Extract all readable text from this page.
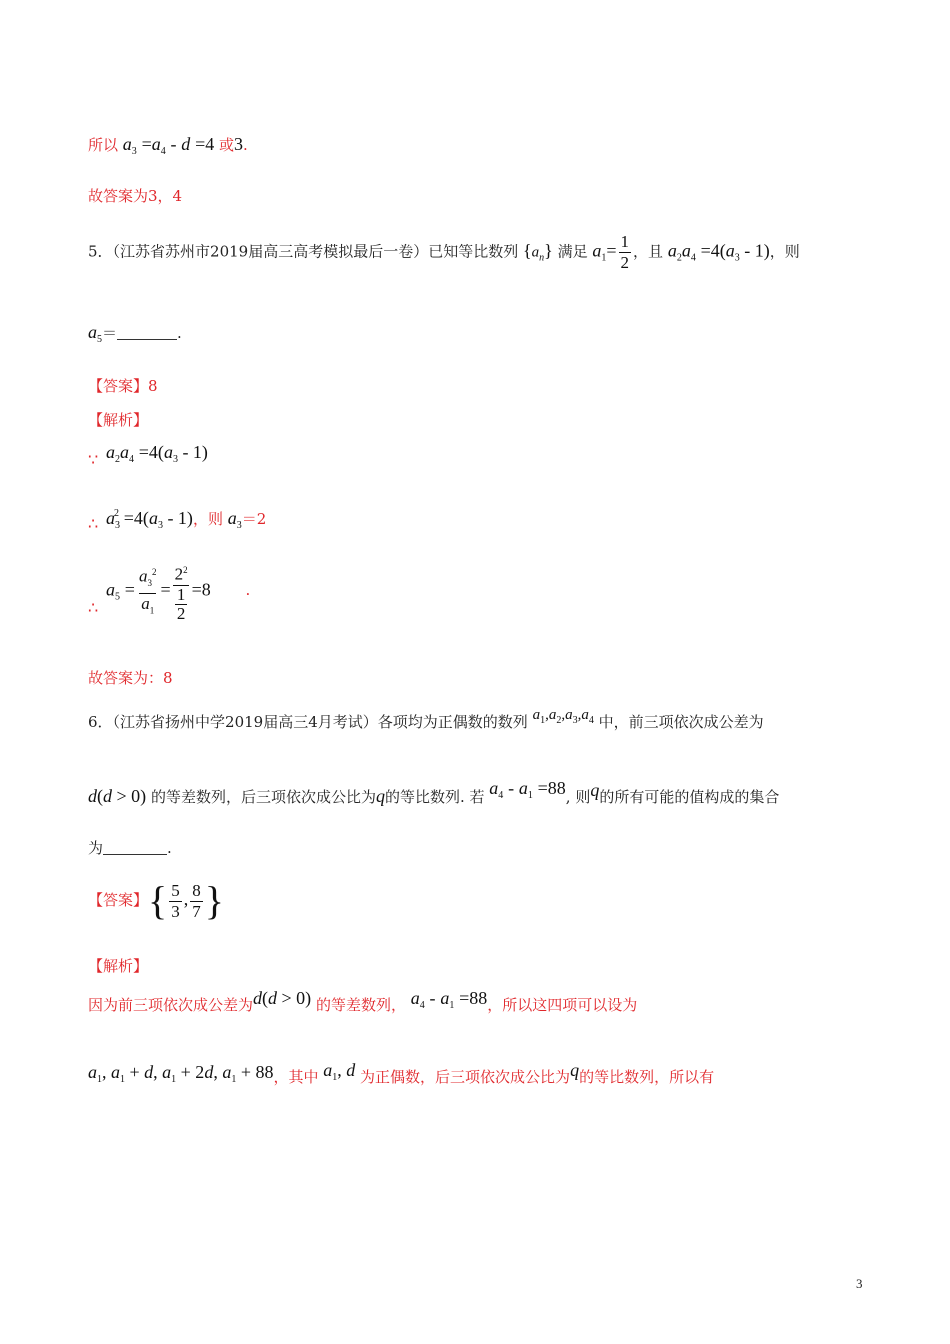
所以 $a_3 =a_4 - d =4$ 或3.
故答案为3，4
5．（江苏省苏州市2019届高三高考模拟最后一卷）已知等比数列 $\{a_n\}$ 满足 $a_1= \frac{1}{2}$ ，且 $a_2a_4 =4(a_3 - 1)$，则
$a_5=$	.
【答案】8
【解析】
∵ $a_2a_4 =4(a_3 - 1)$
∴ $a_3^2 =4(a_3 - 1)$，则 $a_3=2$
∴
$a_5 = \frac{a_3^2}{a_1} = \frac{2^2}{\frac{1}{2}} =8$ .
故答案为：8
6．（江苏省扬州中学2019届高三4月考试）各项均为正偶数的数列 $a_1,a_2,a_3,a_4$ 中，前三项依次成公差为
d(d > 0) 的等差数列，后三项依次成公比为q的等比数列. 若 $a_4 - a_1 =88$, 则q的所有可能的值构成的集合
为	.
【答案】{ $\frac{5}{3}$ , $\frac{8}{7}$ }
【解析】
因为前三项依次成公差为d(d > 0) 的等差数列， $a_4 - a_1 =88$，所以这四项可以设为
$a_1$, $a_1 + d$, $a_1 + 2d$, $a_1 + 88$，其中 $a_1$, d 为正偶数，后三项依次成公比为q的等比数列，所以有
3
